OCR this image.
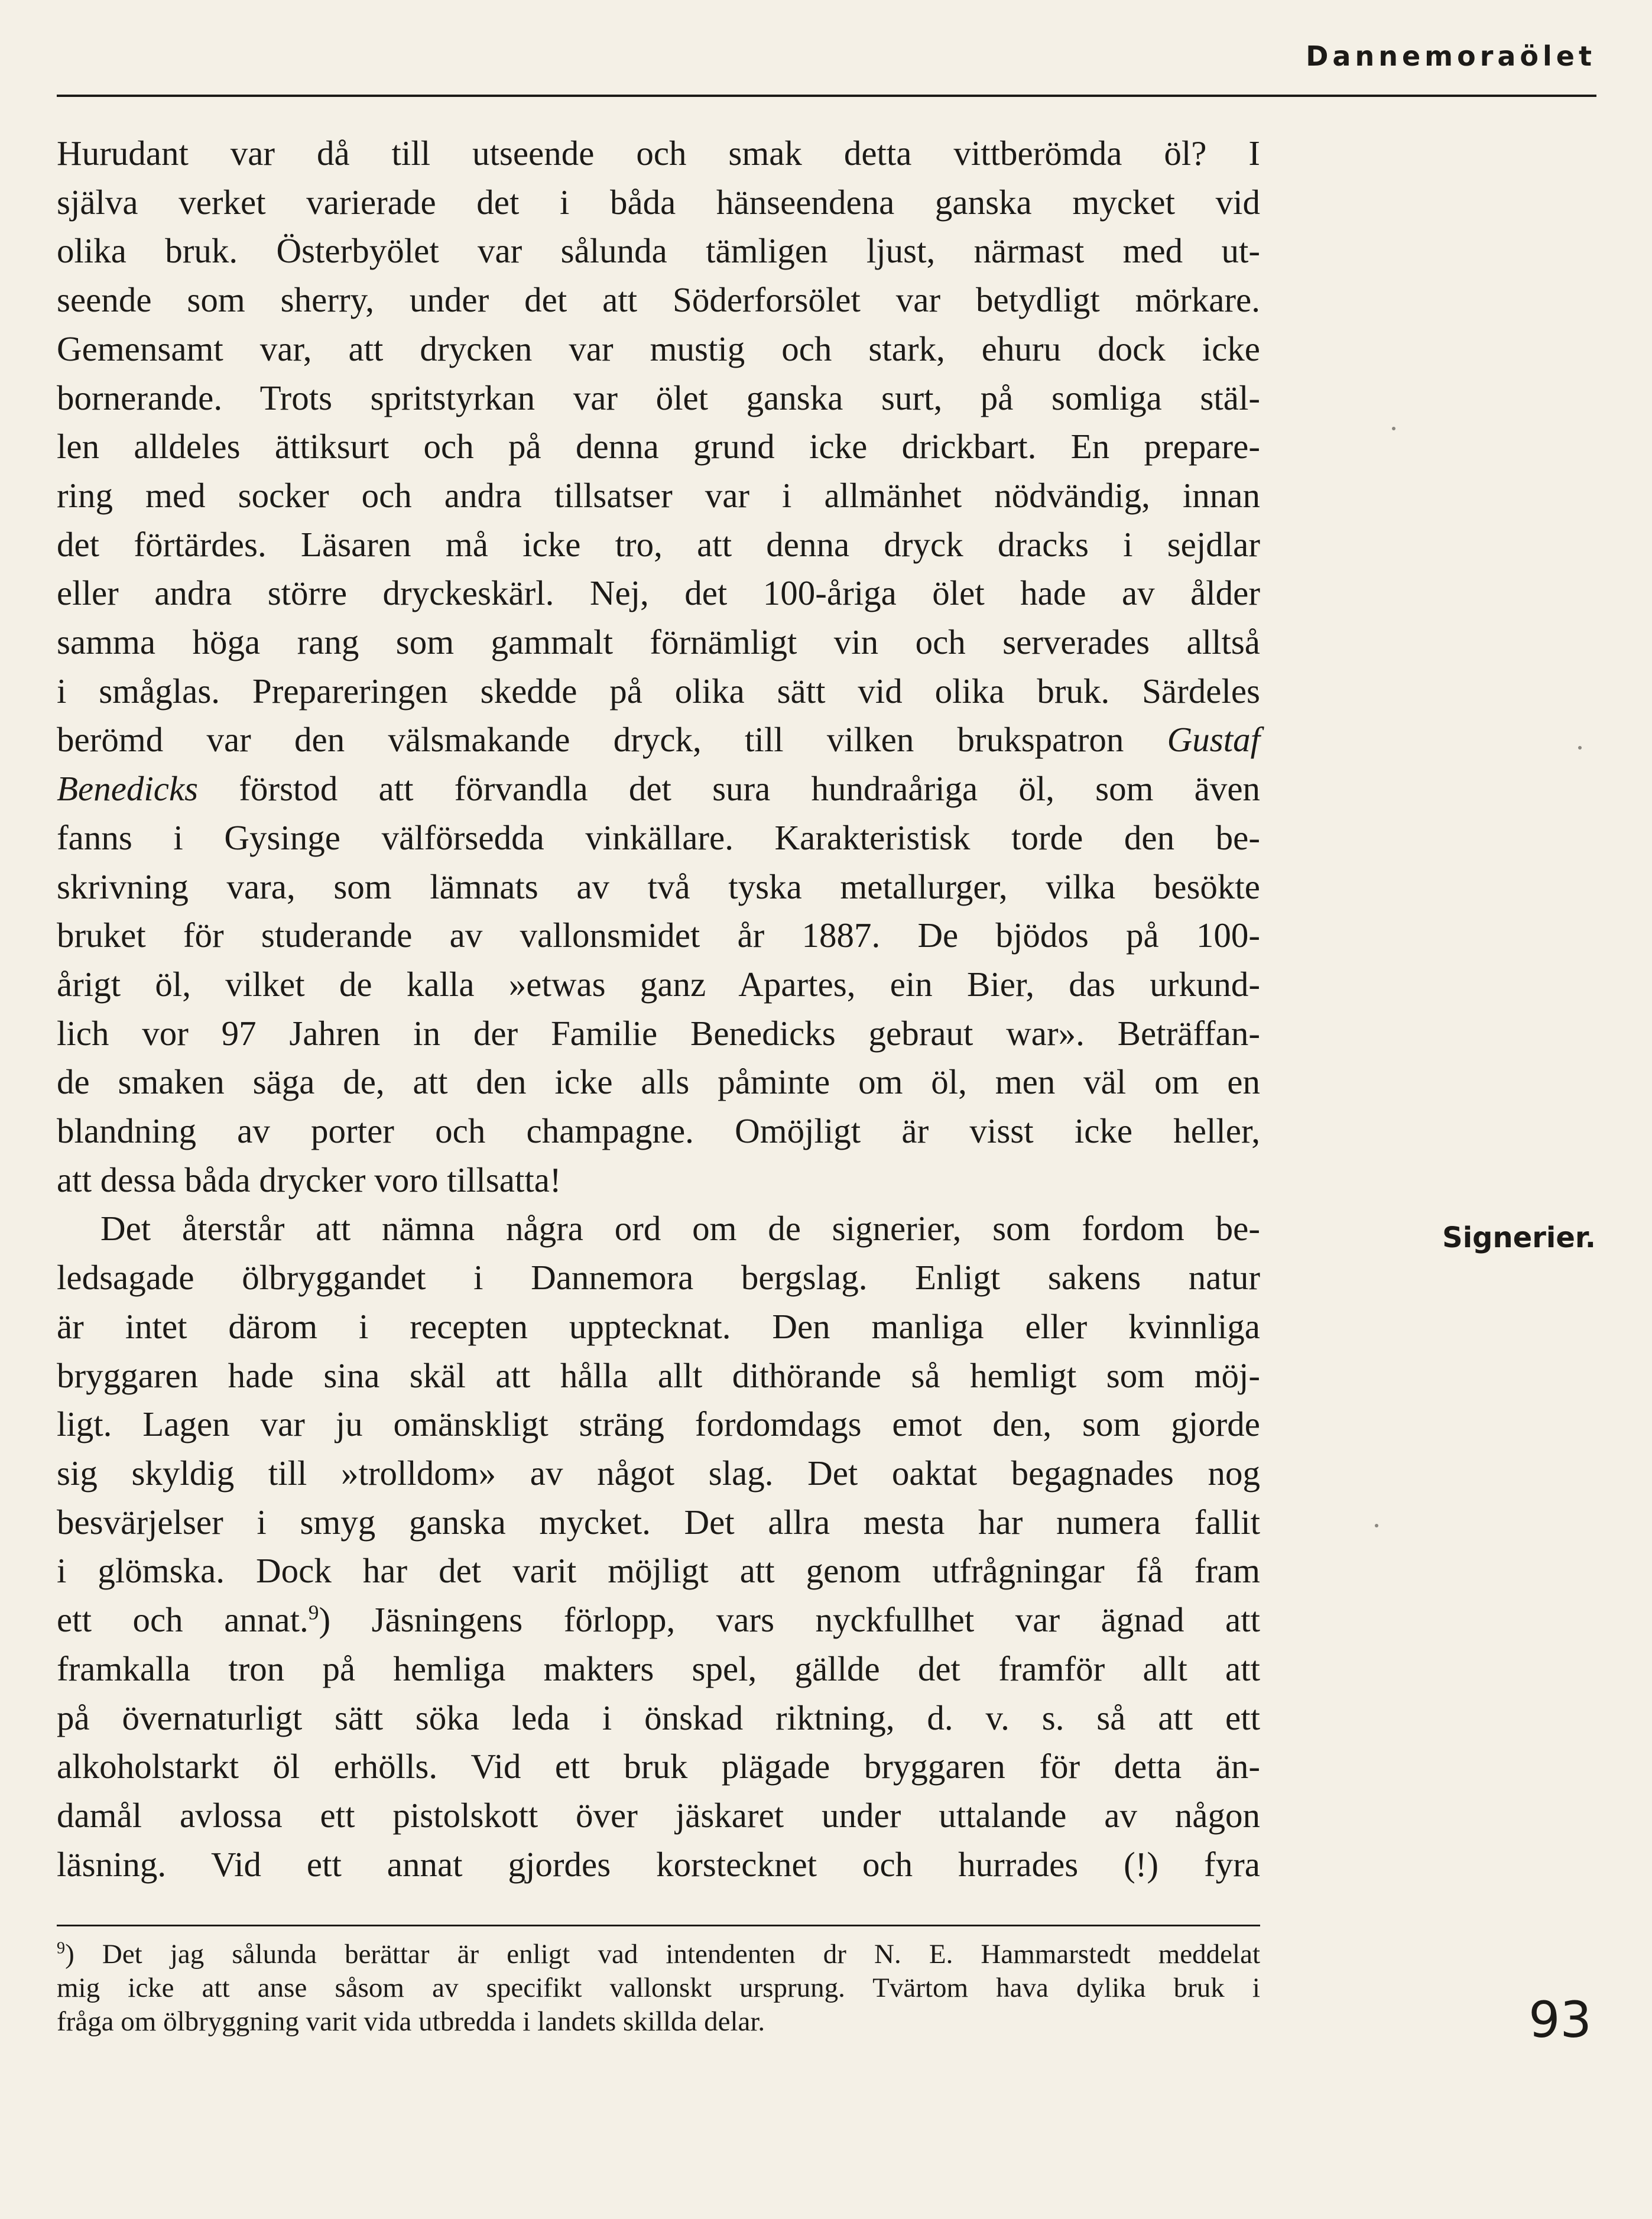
Dannemoraölet

Hurudant var då till utseende och smak detta vittberömda öl? I
själva verket varierade det i båda hänseendena ganska mycket vid
olika bruk. Österbyölet var sålunda tämligen ljust, närmast med ut-
seende som sherry, under det att Söderforsölet var betydligt mörkare.
Gemensamt var, att drycken var mustig och stark, ehuru dock icke
bornerande. Trots spritstyrkan var ölet ganska surt, på somliga stäl-
len alldeles ättiksurt och på denna grund icke drickbart. En prepare-
ring med socker och andra tillsatser var i allmänhet nödvändig, innan
det förtärdes. Läsaren må icke tro, att denna dryck dracks i sejdlar
eller andra större dryckeskärl. Nej, det 100-åriga ölet hade av ålder
samma höga rang som gammalt förnämligt vin och serverades alltså
i småglas. Prepareringen skedde på olika sätt vid olika bruk. Särdeles
berömd var den välsmakande dryck, till vilken brukspatron Gustaf
Benedicks förstod att förvandla det sura hundraåriga öl, som även
fanns i Gysinge välförsedda vinkällare. Karakteristisk torde den be-
skrivning vara, som lämnats av två tyska metallurger, vilka besökte
bruket för studerande av vallonsmidet år 1887. De bjödos på 100-
årigt öl, vilket de kalla »etwas ganz Apartes, ein Bier, das urkund-
lich vor 97 Jahren in der Familie Benedicks gebraut war». Beträffan-
de smaken säga de, att den icke alls påminte om öl, men väl om en
blandning av porter och champagne. Omöjligt är visst icke heller,
att dessa båda drycker voro tillsatta!

Det återstår att nämna några ord om de signerier, som fordom be-
ledsagade ölbryggandet i Dannemora bergslag. Enligt sakens natur
är intet därom i recepten upptecknat. Den manliga eller kvinnliga
bryggaren hade sina skäl att hålla allt dithörande så hemligt som möj-
ligt. Lagen var ju omänskligt sträng fordomdags emot den, som gjorde
sig skyldig till »trolldom» av något slag. Det oaktat begagnades nog
besvärjelser i smyg ganska mycket. Det allra mesta har numera fallit
i glömska. Dock har det varit möjligt att genom utfrågningar få fram
ett och annat.$^9$) Jäsningens förlopp, vars nyckfullhet var ägnad att
framkalla tron på hemliga makters spel, gällde det framför allt att
på övernaturligt sätt söka leda i önskad riktning, d. v. s. så att ett
alkoholstarkt öl erhölls. Vid ett bruk plägade bryggaren för detta än-
damål avlossa ett pistolskott över jäskaret under uttalande av någon
läsning. Vid ett annat gjordes korstecknet och hurrades (!) fyra

Signerier.
$^9$) Det jag sålunda berättar är enligt vad intendenten dr N. E. Hammarstedt meddelat
mig icke att anse såsom av specifikt vallonskt ursprung. Tvärtom hava dylika bruk i
fråga om ölbryggning varit vida utbredda i landets skillda delar.	93
